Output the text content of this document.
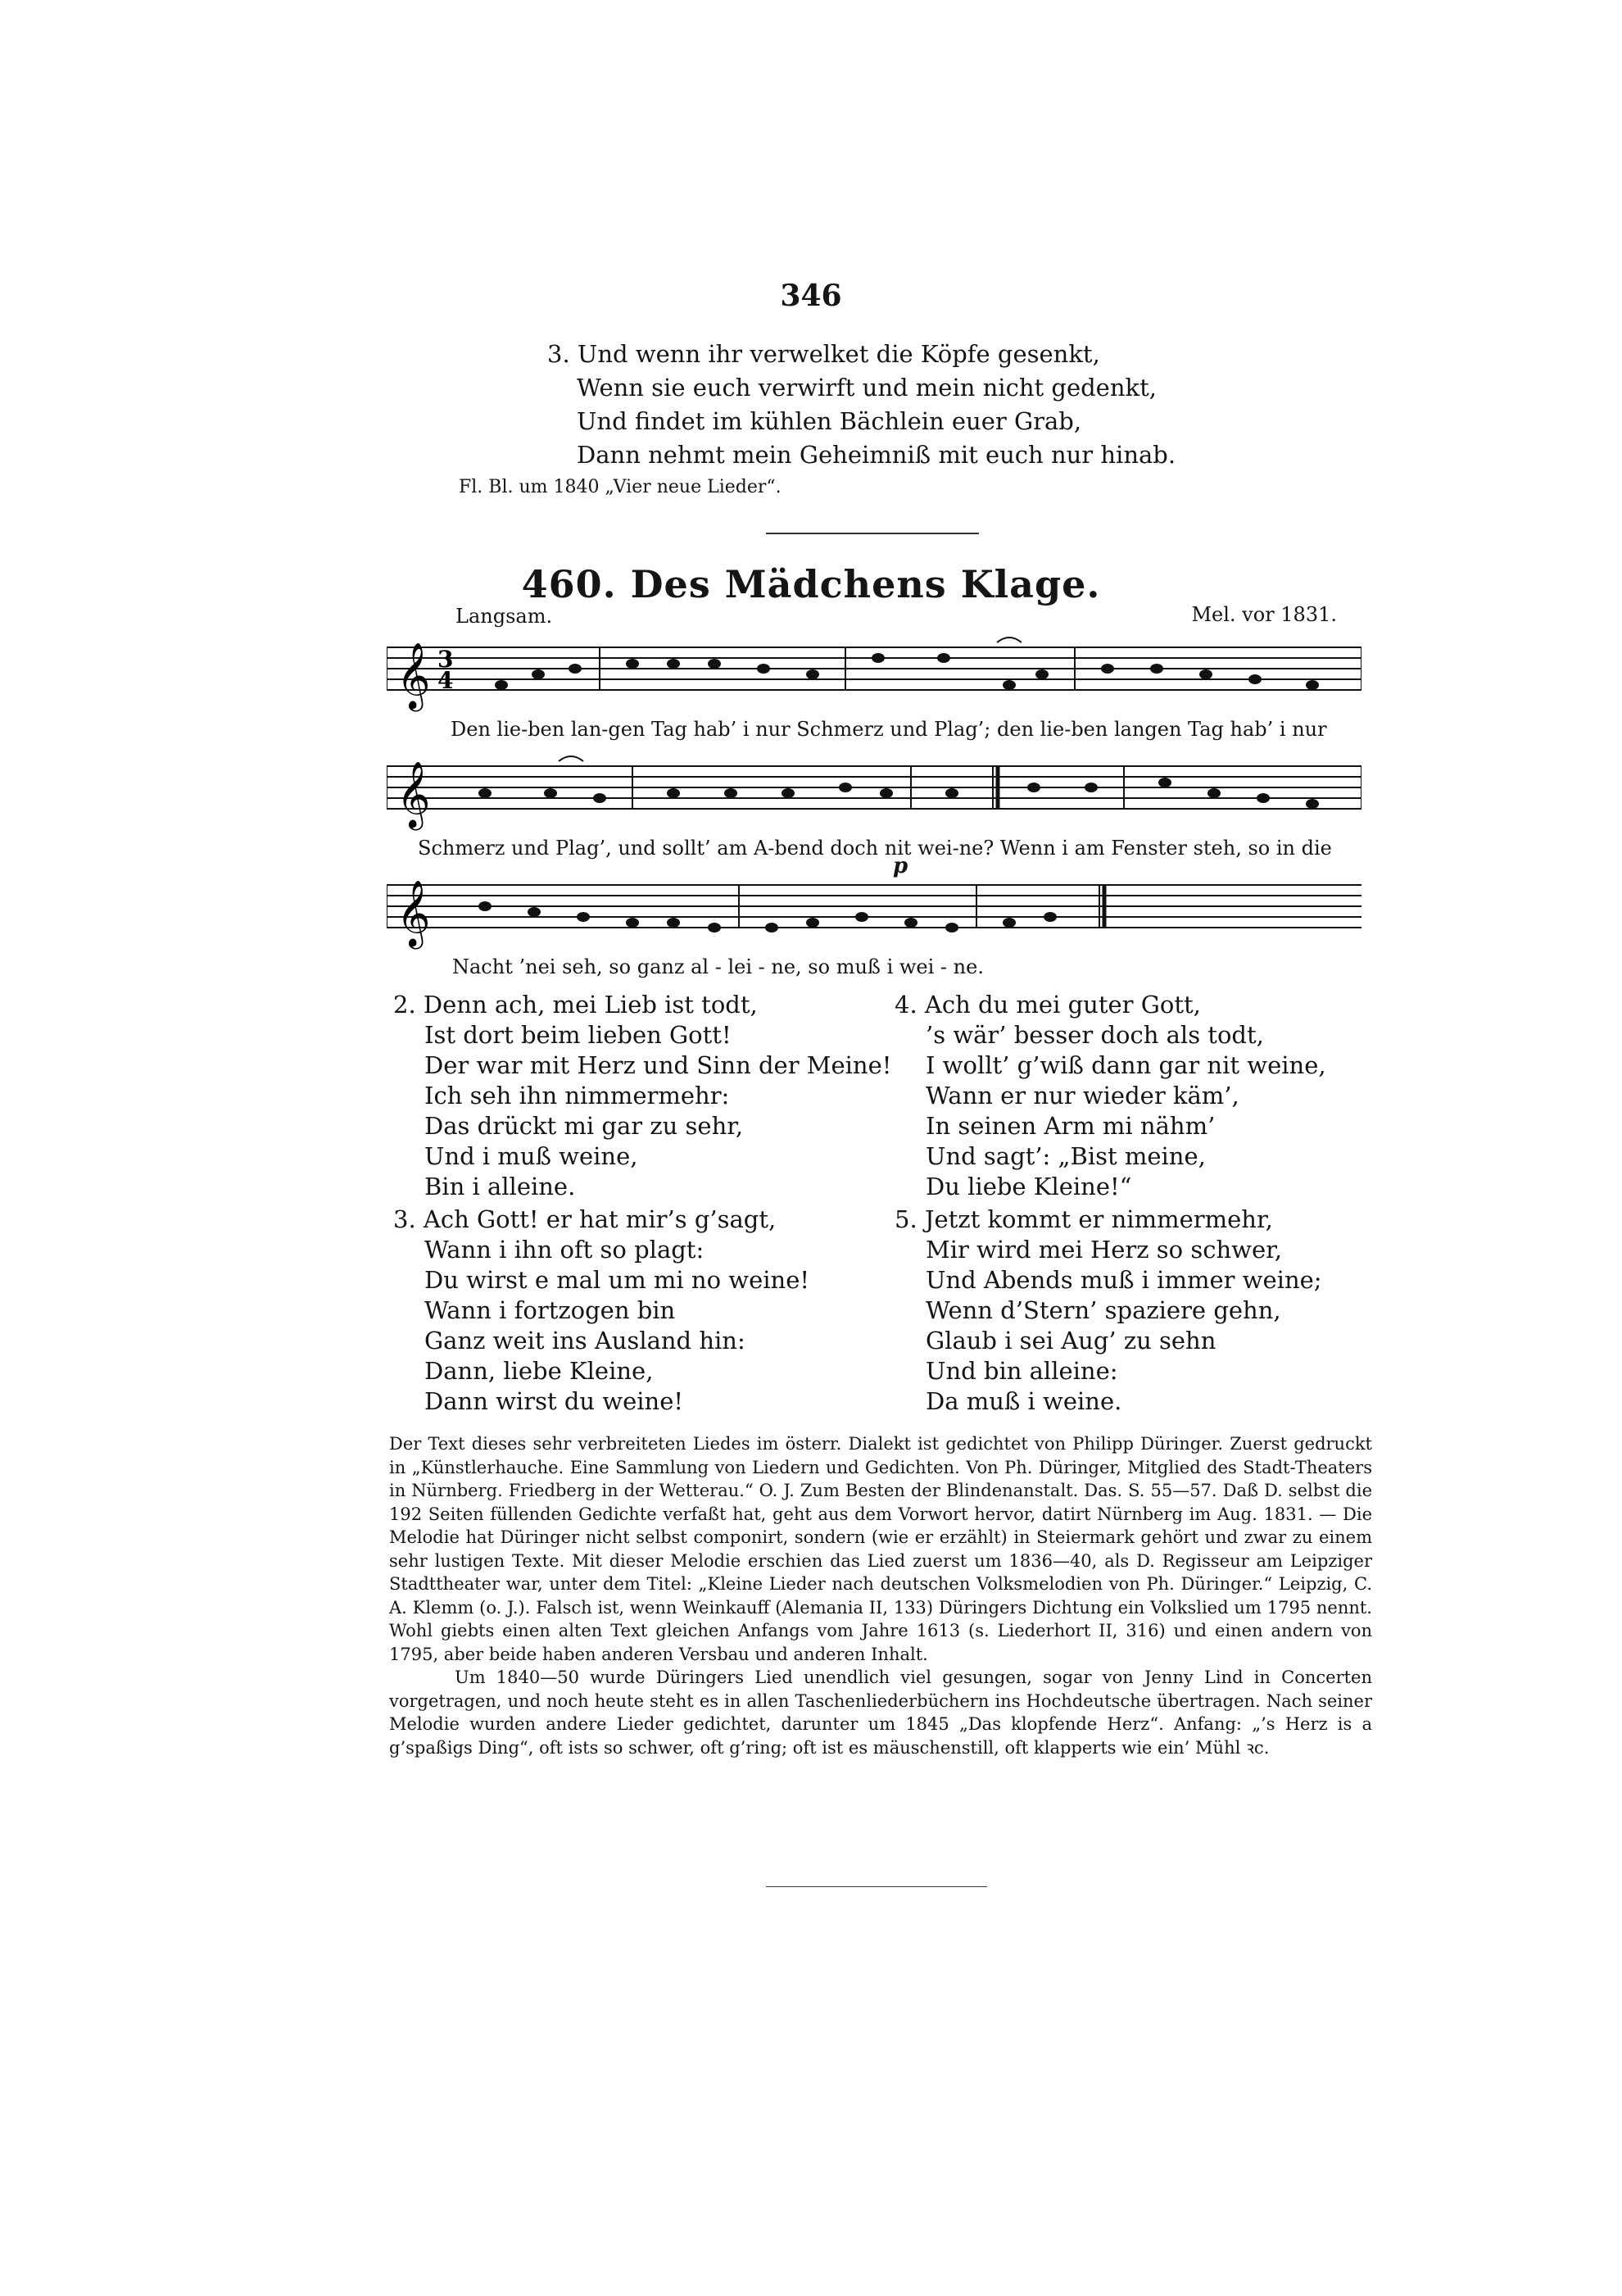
346
3. Und wenn ihr verwelket die Köpfe gesenkt,
Wenn sie euch verwirft und mein nicht gedenkt,
Und findet im kühlen Bächlein euer Grab,
Dann nehmt mein Geheimniß mit euch nur hinab.
Fl. Bl. um 1840 „Vier neue Lieder“.
460. Des Mädchens Klage.
Langsam.	Mel. vor 1831.
𝄞 3
4
Den lie-ben lan-gen Tag hab’ i nur Schmerz und Plag’; den lie-ben langen Tag hab’ i nur
𝄞
Schmerz und Plag’, und sollt’ am A-bend doch nit wei-ne? Wenn i am Fenster steh, so in die
p
𝄞
Nacht ’nei seh, so ganz al - lei - ne, so muß i wei - ne.
2. Denn ach, mei Lieb ist todt,
Ist dort beim lieben Gott!
Der war mit Herz und Sinn der Meine!
Ich seh ihn nimmermehr:
Das drückt mi gar zu sehr,
Und i muß weine,
Bin i alleine.
3. Ach Gott! er hat mir’s g’sagt,
Wann i ihn oft so plagt:
Du wirst e mal um mi no weine!
Wann i fortzogen bin
Ganz weit ins Ausland hin:
Dann, liebe Kleine,
Dann wirst du weine!
4. Ach du mei guter Gott,
’s wär’ besser doch als todt,
I wollt’ g’wiß dann gar nit weine,
Wann er nur wieder käm’,
In seinen Arm mi nähm’
Und sagt’: „Bist meine,
Du liebe Kleine!“
5. Jetzt kommt er nimmermehr,
Mir wird mei Herz so schwer,
Und Abends muß i immer weine;
Wenn d’Stern’ spaziere gehn,
Glaub i sei Aug’ zu sehn
Und bin alleine:
Da muß i weine.

Der Text dieses sehr verbreiteten Liedes im österr. Dialekt ist gedichtet von Philipp Düringer. Zuerst gedruckt in „Künstlerhauche. Eine Sammlung von Liedern und Gedichten. Von Ph. Düringer, Mitglied des Stadt-Theaters in Nürnberg. Friedberg in der Wetterau.“ O. J. Zum Besten der Blindenanstalt. Das. S. 55—57. Daß D. selbst die 192 Seiten füllenden Gedichte verfaßt hat, geht aus dem Vorwort hervor, datirt Nürnberg im Aug. 1831. — Die Melodie hat Düringer nicht selbst componirt, sondern (wie er erzählt) in Steiermark gehört und zwar zu einem sehr lustigen Texte. Mit dieser Melodie erschien das Lied zuerst um 1836—40, als D. Regisseur am Leipziger Stadttheater war, unter dem Titel: „Kleine Lieder nach deutschen Volksmelodien von Ph. Düringer.“ Leipzig, C. A. Klemm (o. J.). Falsch ist, wenn Weinkauff (Alemania II, 133) Düringers Dichtung ein Volkslied um 1795 nennt. Wohl giebts einen alten Text gleichen Anfangs vom Jahre 1613 (s. Liederhort II, 316) und einen andern von 1795, aber beide haben anderen Versbau und anderen Inhalt.

Um 1840—50 wurde Düringers Lied unendlich viel gesungen, sogar von Jenny Lind in Concerten vorgetragen, und noch heute steht es in allen Taschenliederbüchern ins Hochdeutsche übertragen. Nach seiner Melodie wurden andere Lieder gedichtet, darunter um 1845 „Das klopfende Herz“. Anfang: „’s Herz is a g’spaßigs Ding“, oft ists so schwer, oft g’ring; oft ist es mäuschenstill, oft klapperts wie ein’ Mühl ꝛc.
